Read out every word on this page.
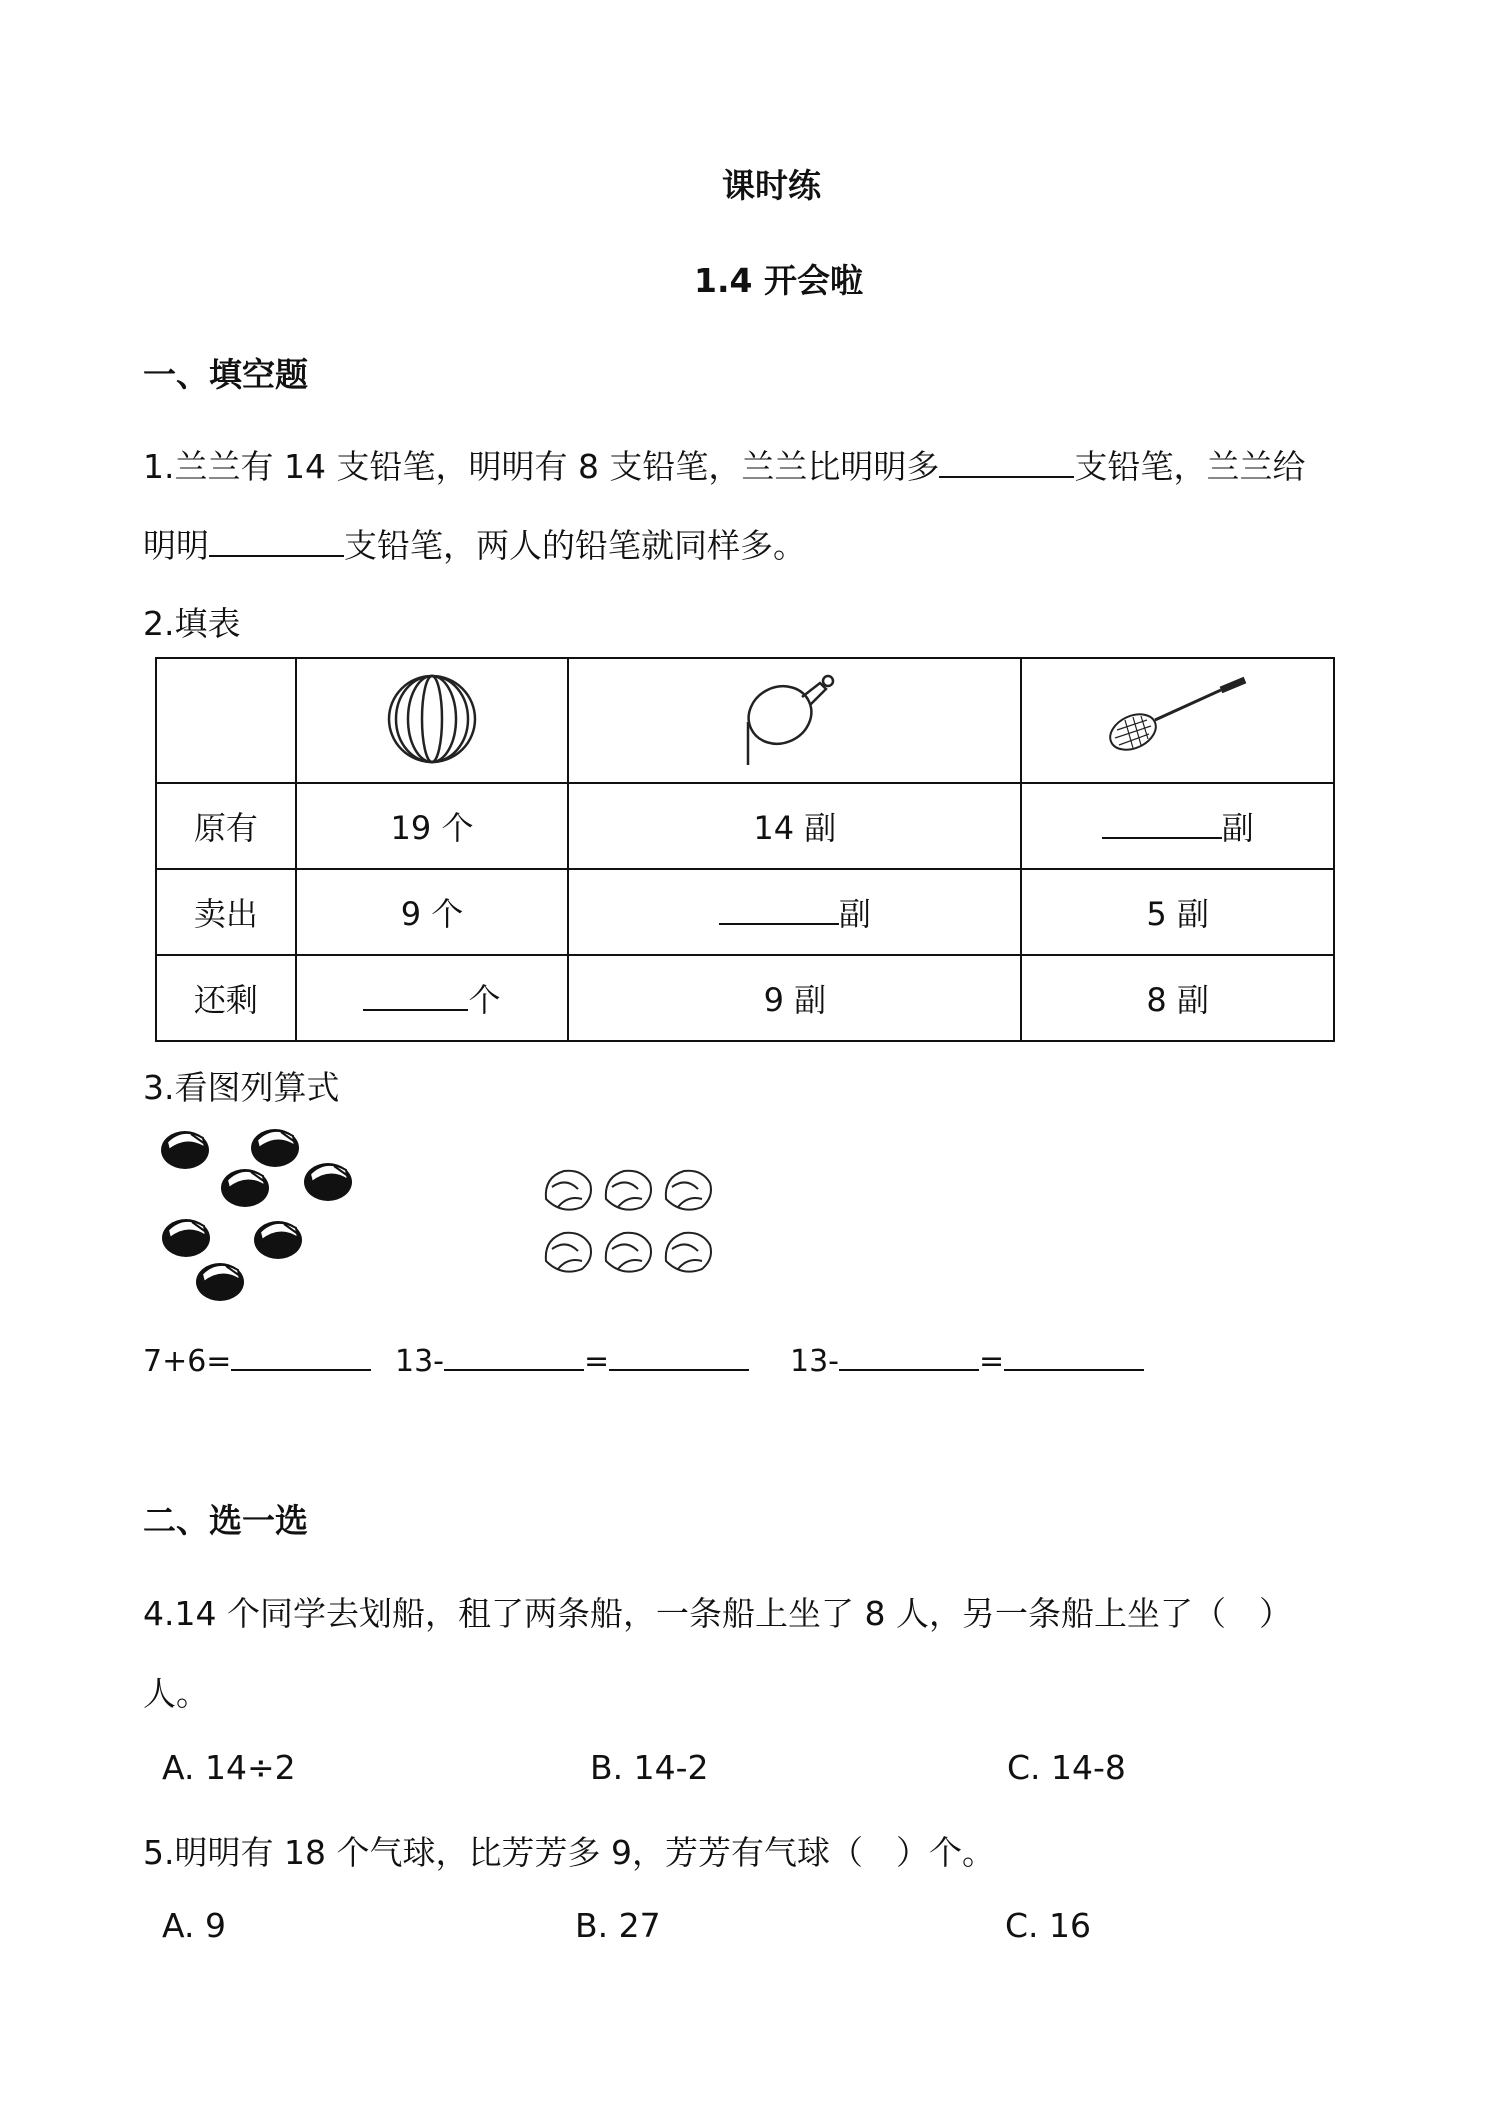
课时练
1.4 开会啦
一、填空题
1.兰兰有 14 支铅笔，明明有 8 支铅笔，兰兰比明明多	支铅笔，兰兰给
明明	支铅笔，两人的铅笔就同样多。
2.填表

原有	19 个	14 副	副
卖出	9 个	副	5 副
还剩	个	9 副	8 副
3.看图列算式
7+6=	13-	=	13-	=
二、选一选
4.14 个同学去划船，租了两条船，一条船上坐了 8 人，另一条船上坐了（　）
人。
A. 14÷2	B. 14-2	C. 14-8
5.明明有 18 个气球，比芳芳多 9，芳芳有气球（　）个。
A. 9	B. 27	C. 16
